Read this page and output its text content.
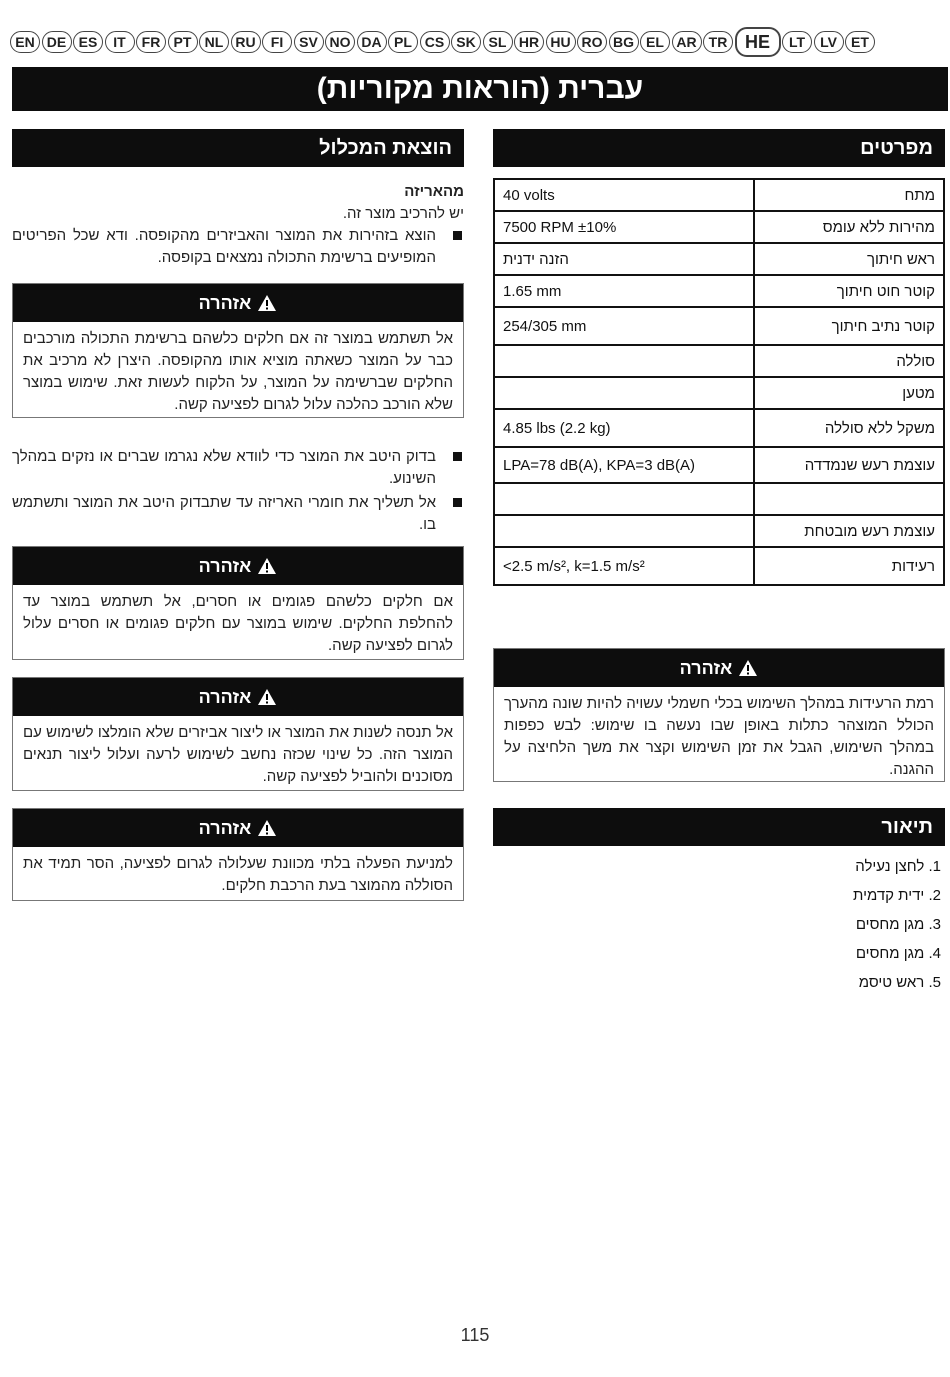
EN DE ES	IT	FR PT NL RU	FI	SV NO DA PL CS SK SL HR HU RO BG EL AR TR HE	LT	LV	ET
עברית (הוראות מקוריות)
הוצאת המכלול
מהאריזה
יש להרכיב מוצר זה.
הוצא בזהירות את המוצר והאביזרים מהקופסה. ודא שכל הפריטים המופיעים ברשימת התכולה נמצאים בקופסה.
אזהרה
אל תשתמש במוצר זה אם חלקים כלשהם ברשימת התכולה מורכבים כבר על המוצר כשאתה מוציא אותו מהקופסה. היצרן לא מרכיב את החלקים שברשימה על המוצר, על הלקוח לעשות זאת. שימוש במוצר שלא הורכב כהלכה עלול לגרום לפציעה קשה.
בדוק היטב את המוצר כדי לוודא שלא נגרמו שברים או נזקים במהלך השינוע.
אל תשליך את חומרי האריזה עד שתבדוק היטב את המוצר ותשתמש בו.
אזהרה
אם חלקים כלשהם פגומים או חסרים, אל תשתמש במוצר עד להחלפת החלקים. שימוש במוצר עם חלקים פגומים או חסרים עלול לגרום לפציעה קשה.
אזהרה
אל תנסה לשנות את המוצר או ליצור אביזרים שלא הומלצו לשימוש עם המוצר הזה. כל שינוי שכזה נחשב לשימוש לרעה ועלול ליצור תנאים מסוכנים ולהוביל לפציעה קשה.
אזהרה
למניעת הפעלה בלתי מכוונת שעלולה לגרום לפציעה, הסר תמיד את הסוללה מהמוצר בעת הרכבת חלקים.
מפרטים
מתח	40 volts
מהירות ללא עומס	7500 RPM ±10%
ראש חיתוך	הזנה ידנית
קוטר חוט חיתוך	1.65 mm
קוטר נתיב חיתוך	254/305 mm
סוללה	
מטען	
משקל ללא סוללה	4.85 lbs (2.2 kg)
עוצמת רעש שנמדדה	LPA=78 dB(A), KPA=3 dB(A)

עוצמת רעש מובטחת	
רעידות	<2.5 m/s², k=1.5 m/s²
אזהרה
רמת הרעידות במהלך השימוש בכלי חשמלי עשויה להיות שונה מהערך הכולל המוצהר כתלות באופן שבו נעשה בו שימוש: לבש כפפות במהלך השימוש, הגבל את זמן השימוש וקצר את משך הלחיצה על ההגנה.
תיאור
1. לחצן נעילה
2. ידית קדמית
3. מגן מחסים
4. מגן מחסים
5. ראש טיסמ
115
